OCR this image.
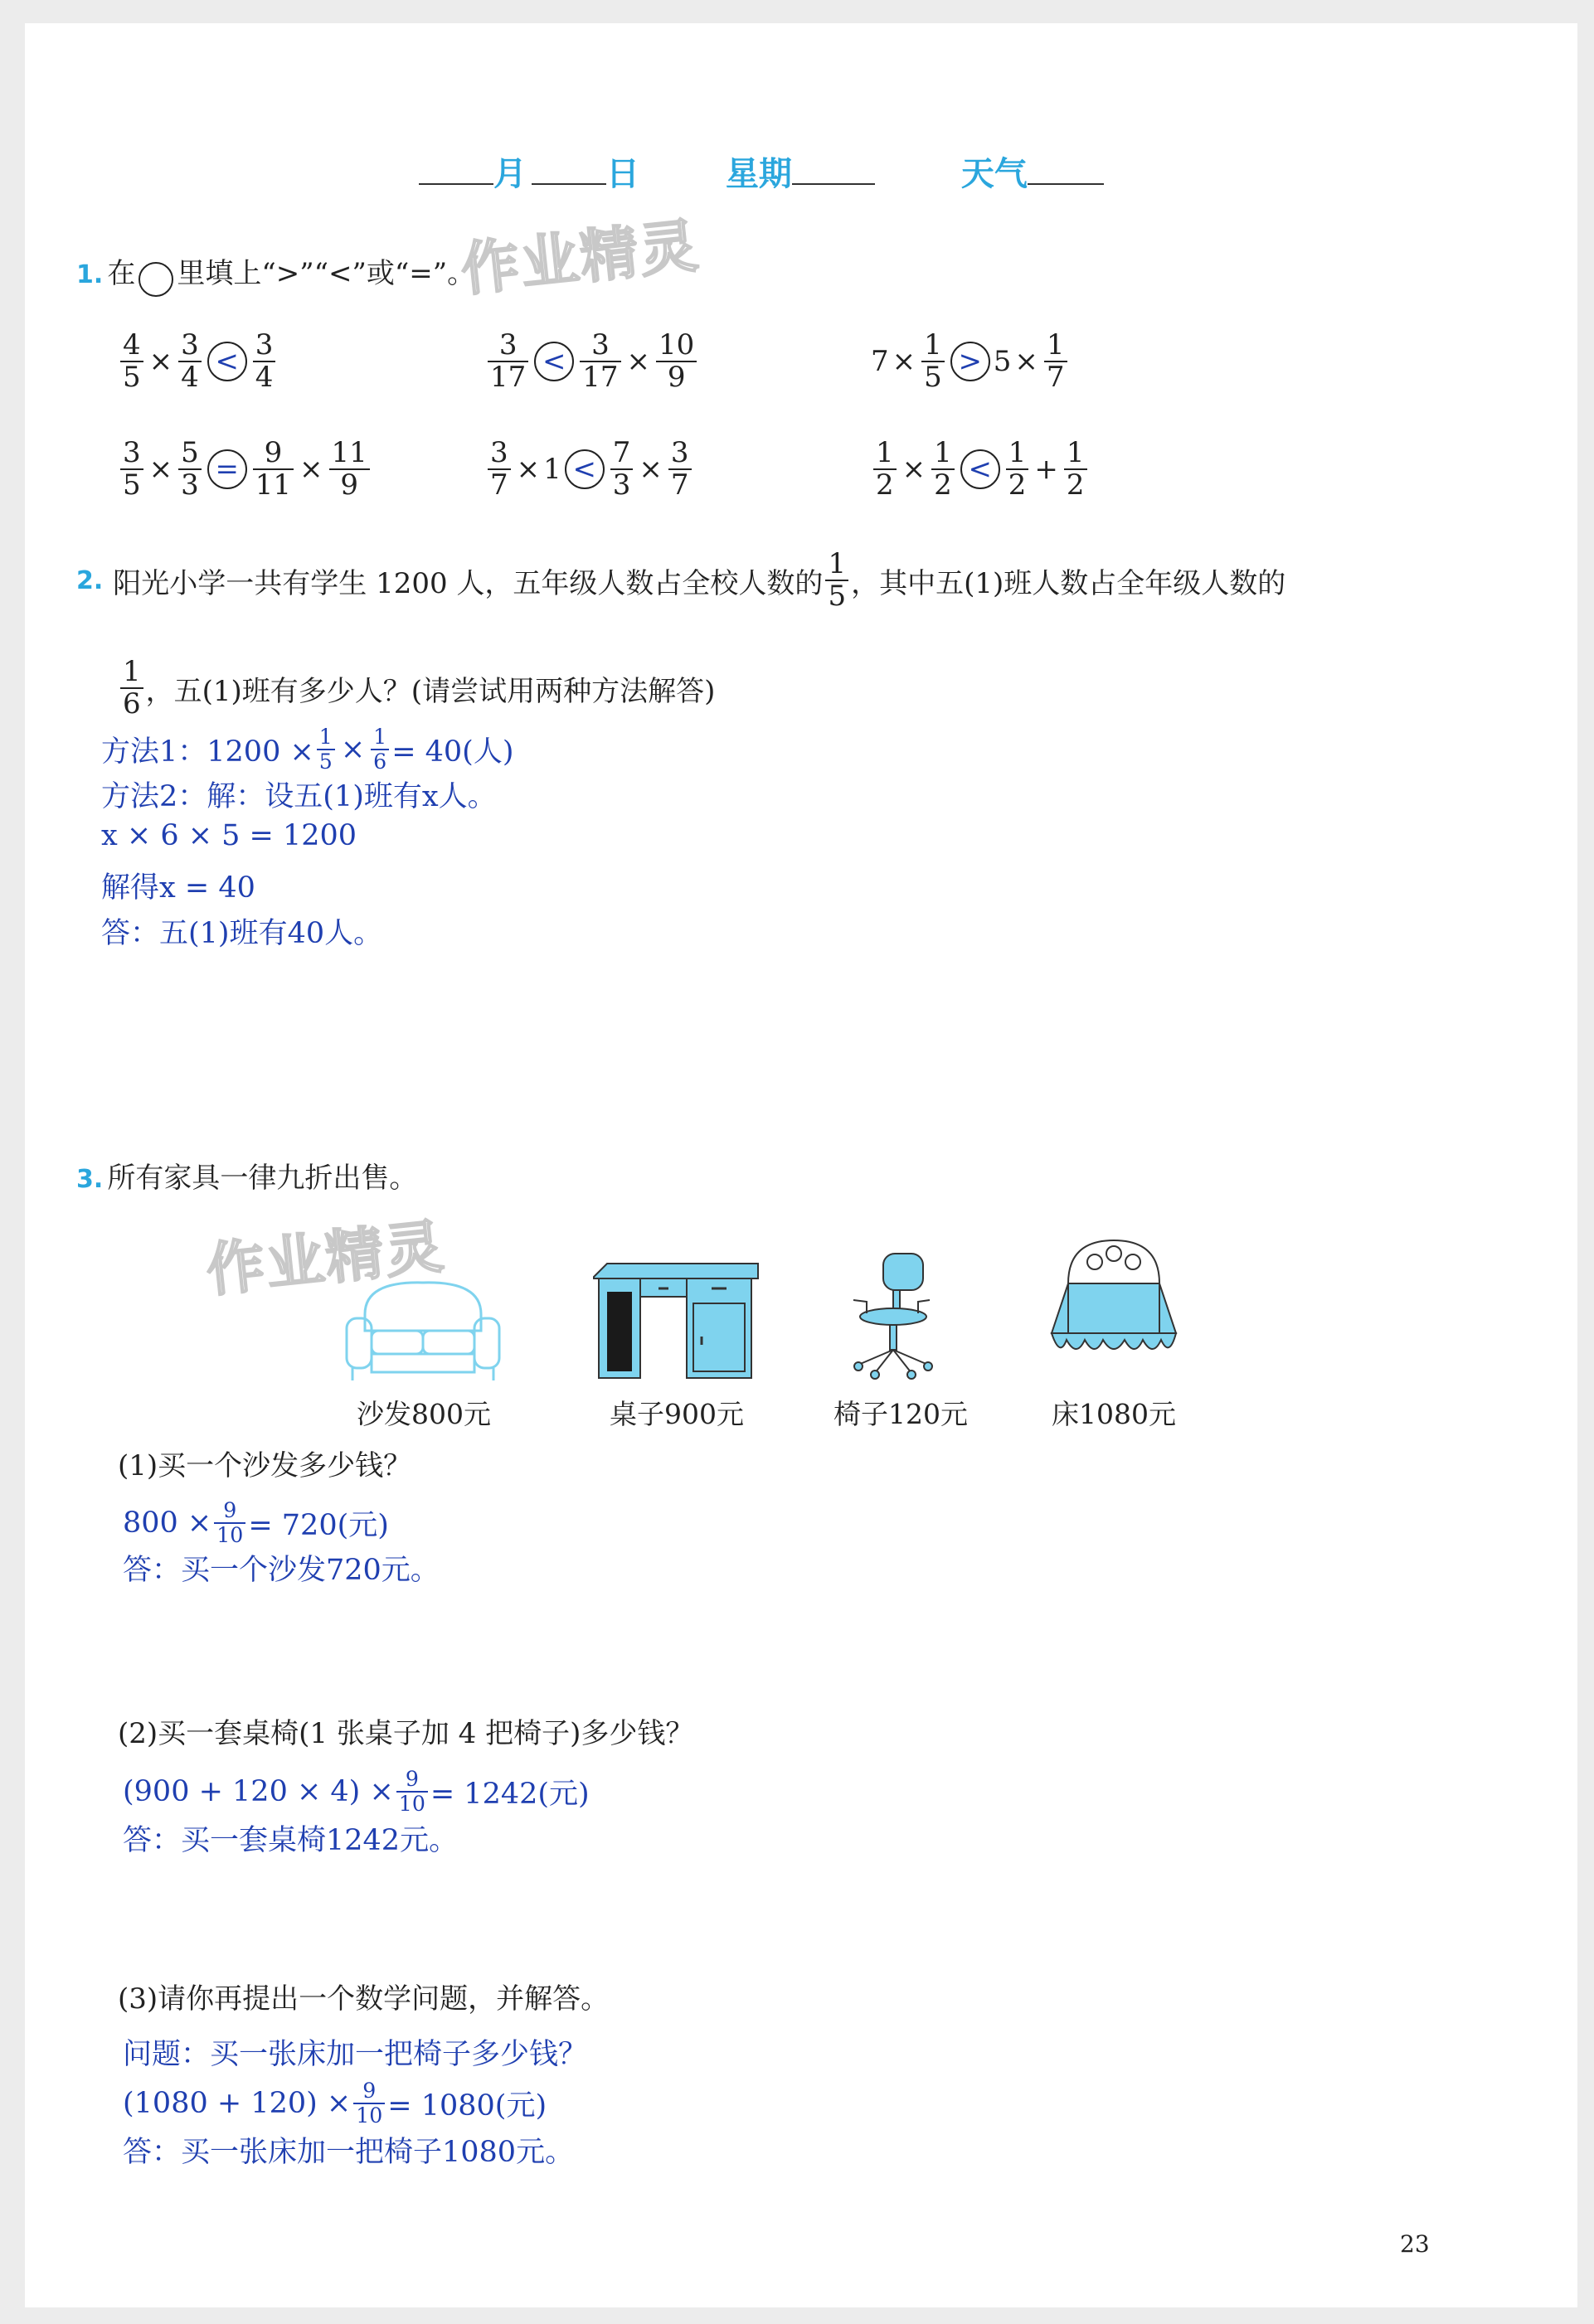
月 日	星期	天气
作业精灵
1. 在 里填上“>”“<”或“=”。
$\frac{4}{5} \times \frac{3}{4} < \frac{3}{4}$	$\frac{3}{17} < \frac{3}{17} \times \frac{10}{9}$	$7 \times \frac{1}{5} > 5 \times \frac{1}{7}$
$\frac{3}{5} \times \frac{5}{3} = \frac{9}{11} \times \frac{11}{9}$	$\frac{3}{7} \times 1 < \frac{7}{3} \times \frac{3}{7}$	$\frac{1}{2} \times \frac{1}{2} < \frac{1}{2} + \frac{1}{2}$
2. 阳光小学一共有学生 1200 人，五年级人数占全校人数的 $\frac{1}{5}$ ，其中五(1)班人数占全年级人数的
$\frac{1}{6}$ ，五(1)班有多少人？(请尝试用两种方法解答)
方法1：$1200 \times \frac{1}{5} \times \frac{1}{6} = 40$(人)
方法2：解：设五(1)班有x人。
x × 6 × 5 = 1200
解得x = 40
答：五(1)班有40人。
3. 所有家具一律九折出售。
作业精灵
沙发800元	桌子900元	椅子120元	床1080元
(1)买一个沙发多少钱？
$800 \times \frac{9}{10} = 720$(元)
答：买一个沙发720元。
(2)买一套桌椅(1 张桌子加 4 把椅子)多少钱？
$(900 + 120 \times 4) \times \frac{9}{10} = 1242$(元)
答：买一套桌椅1242元。
(3)请你再提出一个数学问题，并解答。
问题：买一张床加一把椅子多少钱？
$(1080 + 120) \times \frac{9}{10} = 1080$(元)
答：买一张床加一把椅子1080元。
23
